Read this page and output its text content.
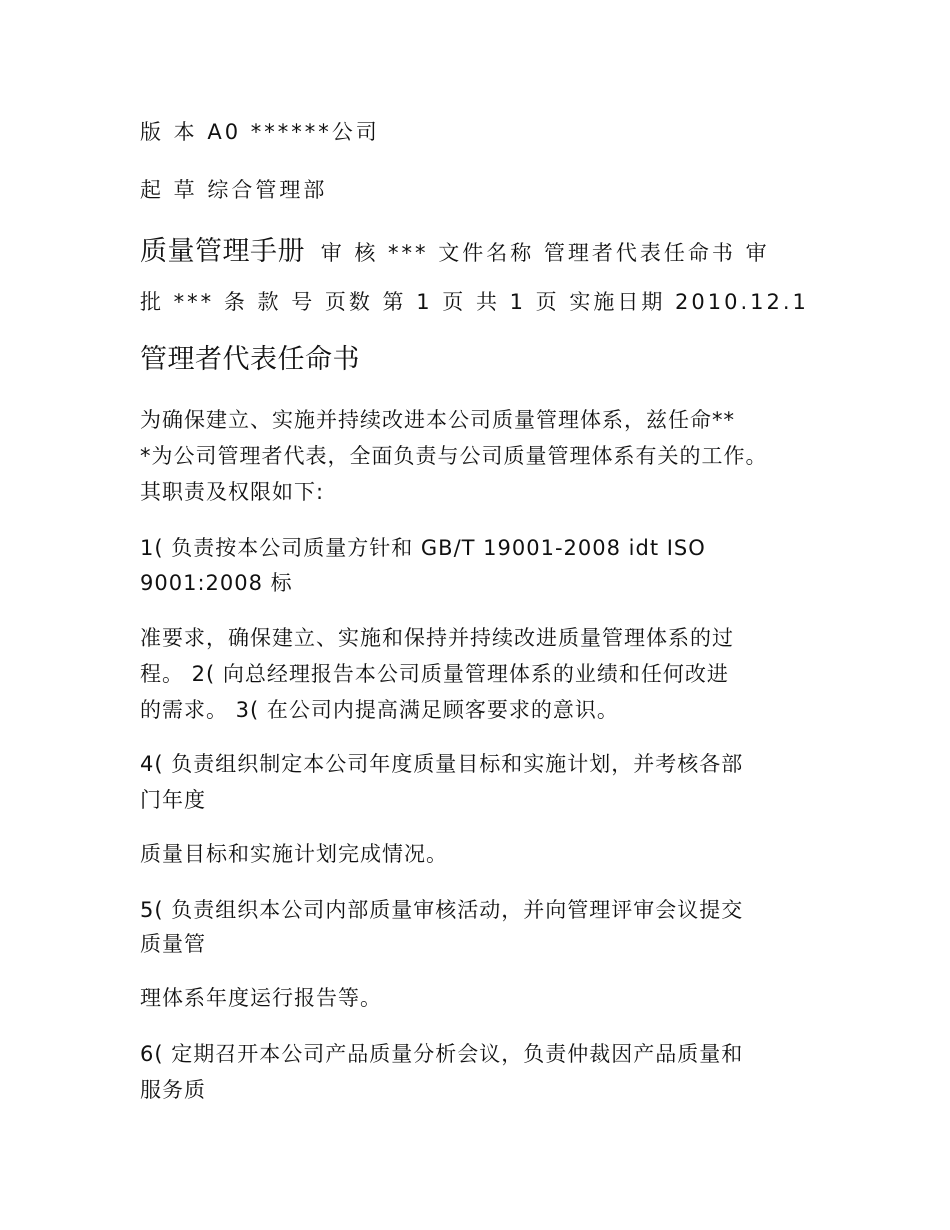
版 本 A0 ******公司
起 草 综合管理部
质量管理手册 审 核 *** 文件名称 管理者代表任命书 审
批 *** 条 款 号 页数 第 1 页 共 1 页 实施日期 2010.12.1
管理者代表任命书
为确保建立、实施并持续改进本公司质量管理体系，兹任命**
*为公司管理者代表，全面负责与公司质量管理体系有关的工作。
其职责及权限如下:
1( 负责按本公司质量方针和 GB/T 19001-2008 idt ISO
9001:2008 标
准要求，确保建立、实施和保持并持续改进质量管理体系的过
程。 2( 向总经理报告本公司质量管理体系的业绩和任何改进
的需求。 3( 在公司内提高满足顾客要求的意识。
4( 负责组织制定本公司年度质量目标和实施计划，并考核各部
门年度
质量目标和实施计划完成情况。
5( 负责组织本公司内部质量审核活动，并向管理评审会议提交
质量管
理体系年度运行报告等。
6( 定期召开本公司产品质量分析会议，负责仲裁因产品质量和
服务质
